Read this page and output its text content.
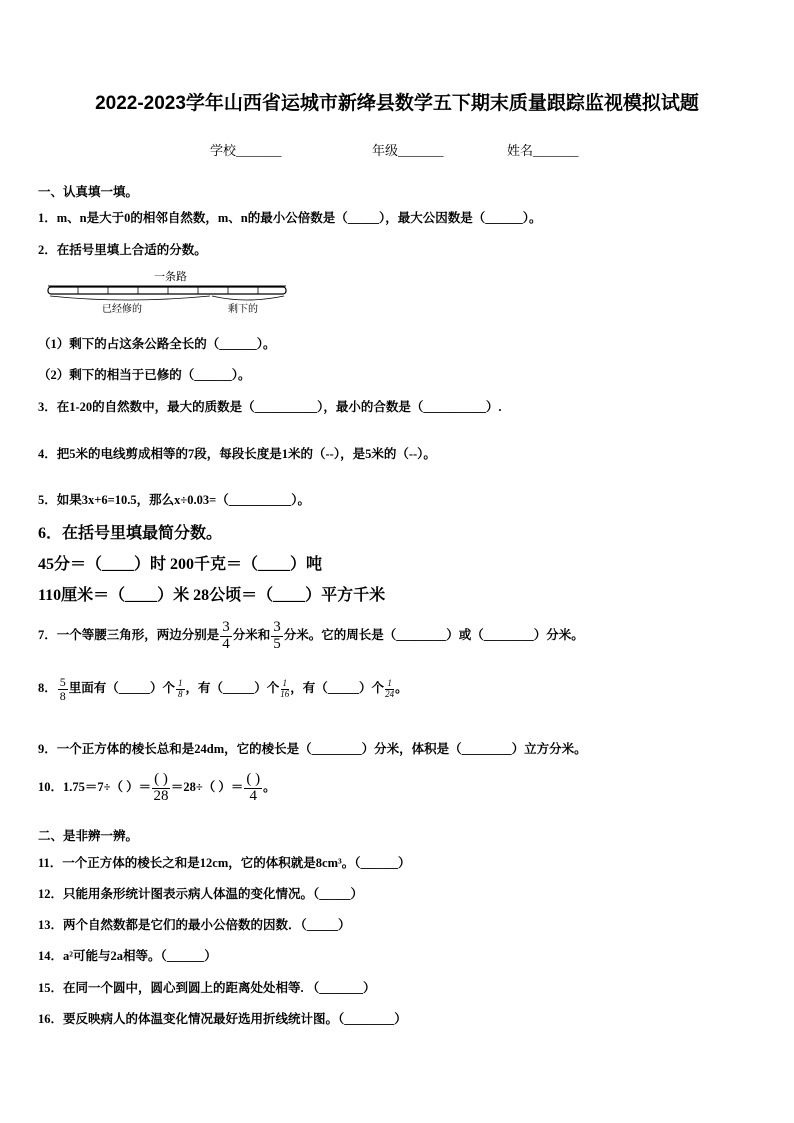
2022-2023学年山西省运城市新绛县数学五下期末质量跟踪监视模拟试题
学校_______	年级_______	姓名_______
一、认真填一填。
1．m、n是大于0的相邻自然数，m、n的最小公倍数是（_____），最大公因数是（______）。
2．在括号里填上合适的分数。
一条路
已经修的	剩下的
（1）剩下的占这条公路全长的（______）。
（2）剩下的相当于已修的（______）。
3．在1-20的自然数中，最大的质数是（__________），最小的合数是（__________）.
4．把5米的电线剪成相等的7段，每段长度是1米的（--），是5米的（--）。
5．如果3x+6=10.5，那么x÷0.03=（__________）。
6．在括号里填最简分数。
45分＝（____）时 200千克＝（____）吨
110厘米＝（____）米 28公顷＝（____）平方千米
7．一个等腰三角形，两边分别是 $\frac{3}{4}$ 分米和 $\frac{3}{5}$ 分米。它的周长是（________）或（________）分米。
8． $\frac{5}{8}$ 里面有（_____）个 $\frac{1}{8}$ ，有（_____）个 $\frac{1}{16}$ ，有（_____）个 $\frac{1}{24}$ 。
9．一个正方体的棱长总和是24dm，它的棱长是（________）分米，体积是（________）立方分米。
10．1.75＝7÷（ ）＝ $\frac{( )}{28} =28\div$（ ）＝ $\frac{( )}{4}$ 。
二、是非辨一辨。
11．一个正方体的棱长之和是12cm，它的体积就是8cm³。（______）
12．只能用条形统计图表示病人体温的变化情况。（_____）
13．两个自然数都是它们的最小公倍数的因数．（_____）
14．a²可能与2a相等。（______）
15．在同一个圆中，圆心到圆上的距离处处相等. （_______）
16．要反映病人的体温变化情况最好选用折线统计图。（________）
